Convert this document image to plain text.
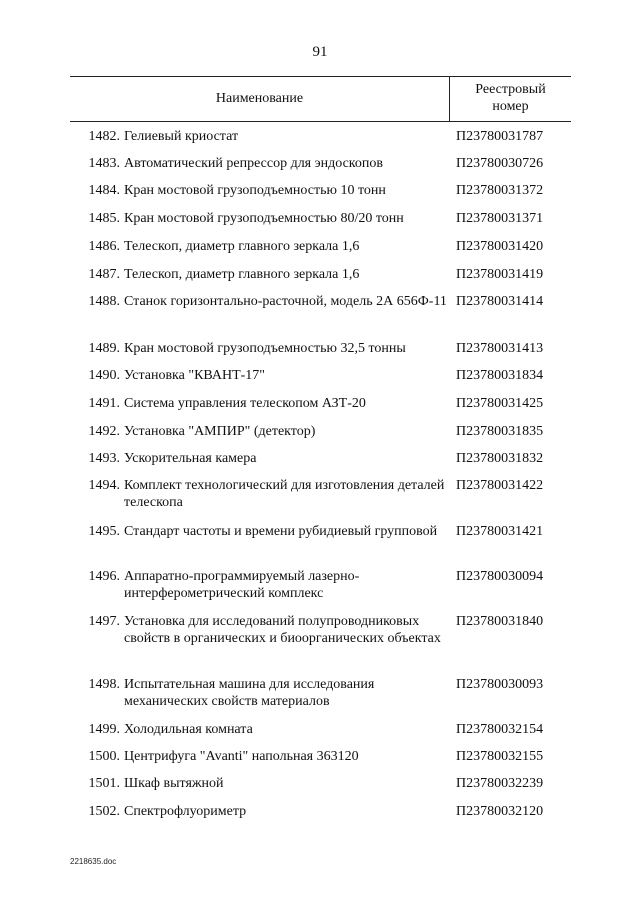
91
Наименование
Реестровый
номер
1482. Гелиевый криостат	П23780031787
1483. Автоматический репрессор для эндоскопов	П23780030726
1484. Кран мостовой грузоподъемностью 10 тонн	П23780031372
1485. Кран мостовой грузоподъемностью 80/20 тонн	П23780031371
1486. Телескоп, диаметр главного зеркала 1,6	П23780031420
1487. Телескоп, диаметр главного зеркала 1,6	П23780031419
1488. Станок горизонтально-расточной, модель 2А 656Ф-11 П23780031414
1489. Кран мостовой грузоподъемностью 32,5 тонны	П23780031413
1490. Установка "КВАНТ-17"	П23780031834
1491. Система управления телескопом АЗТ-20	П23780031425
1492. Установка "АМПИР" (детектор)	П23780031835
1493. Ускорительная камера	П23780031832
1494. Комплект технологический для изготовления деталей телескопа
П23780031422
1495. Стандарт частоты и времени рубидиевый групповой	П23780031421
1496. Аппаратно-программируемый лазерно-интерферометрический комплекс
П23780030094
1497. Установка для исследований полупроводниковых свойств в органических и биоорганических объектах
П23780031840
1498. Испытательная машина для исследования механических свойств материалов
П23780030093
1499. Холодильная комната	П23780032154
1500. Центрифуга "Avanti" напольная 363120	П23780032155
1501. Шкаф вытяжной	П23780032239
1502. Спектрофлуориметр	П23780032120
2218635.doc
